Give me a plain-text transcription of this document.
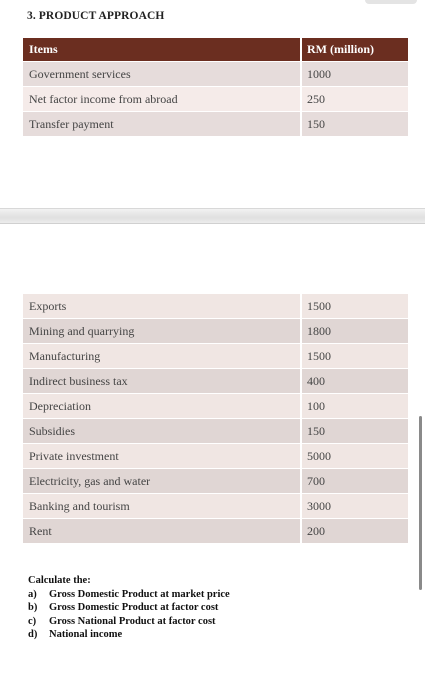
3. PRODUCT APPROACH
Items	RM (million)
Government services	1000
Net factor income from abroad	250
Transfer payment	150
Exports	1500
Mining and quarrying	1800
Manufacturing	1500
Indirect business tax	400
Depreciation	100
Subsidies	150
Private investment	5000
Electricity, gas and water	700
Banking and tourism	3000
Rent	200
Calculate the:
a)	Gross Domestic Product at market price
b)	Gross Domestic Product at factor cost
c)	Gross National Product at factor cost
d)	National income
